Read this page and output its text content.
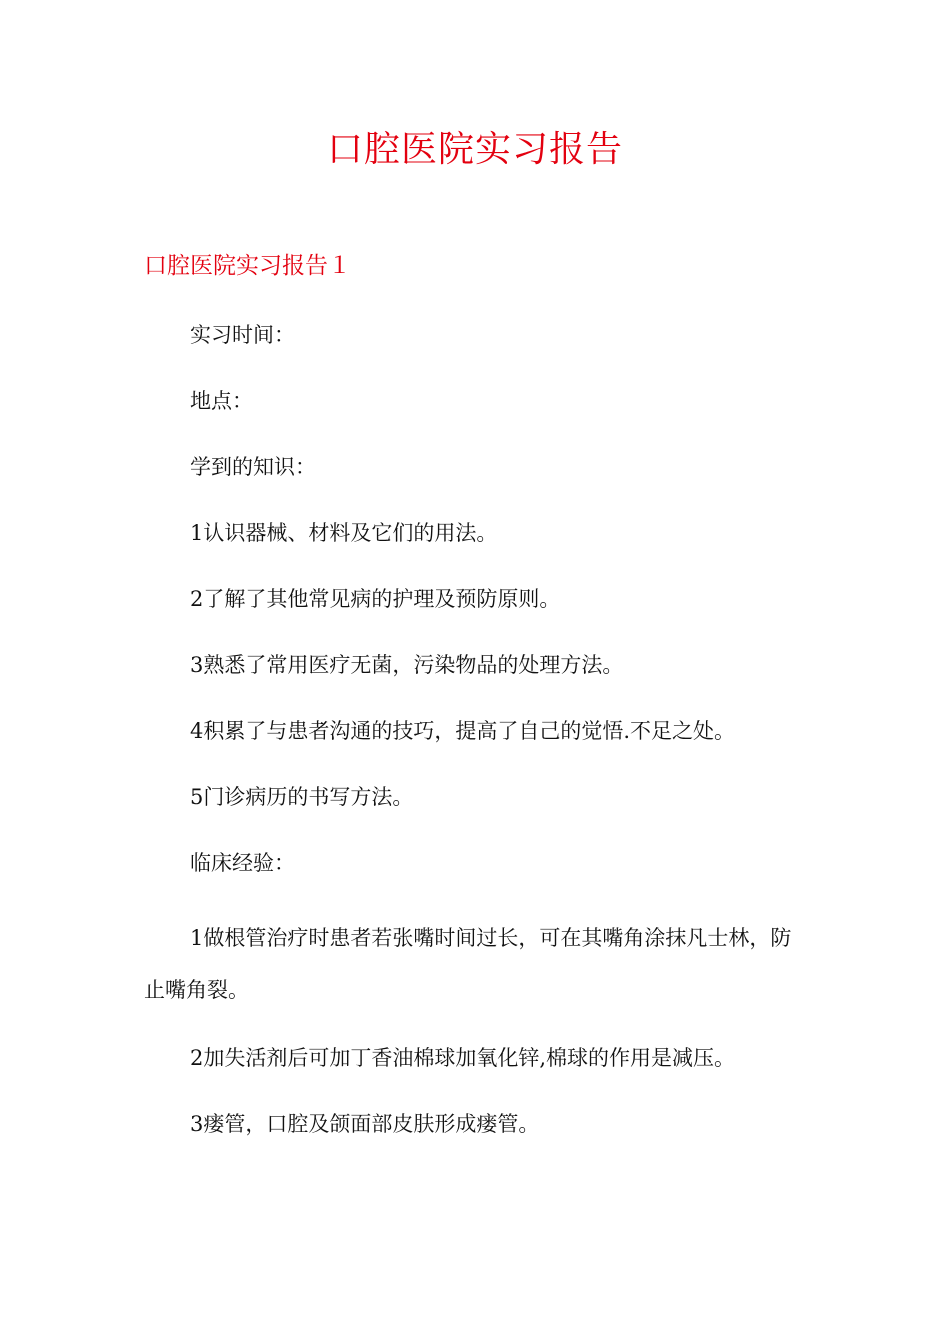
口腔医院实习报告
口腔医院实习报告１

实习时间：

地点：

学到的知识：

1认识器械、材料及它们的用法。

2了解了其他常见病的护理及预防原则。

3熟悉了常用医疗无菌，污染物品的处理方法。

4积累了与患者沟通的技巧，提高了自己的觉悟.不足之处。

5门诊病历的书写方法。

临床经验：

1做根管治疗时患者若张嘴时间过长，可在其嘴角涂抹凡士林，防止嘴角裂。

2加失活剂后可加丁香油棉球加氧化锌,棉球的作用是减压。

3瘘管，口腔及颌面部皮肤形成瘘管。
